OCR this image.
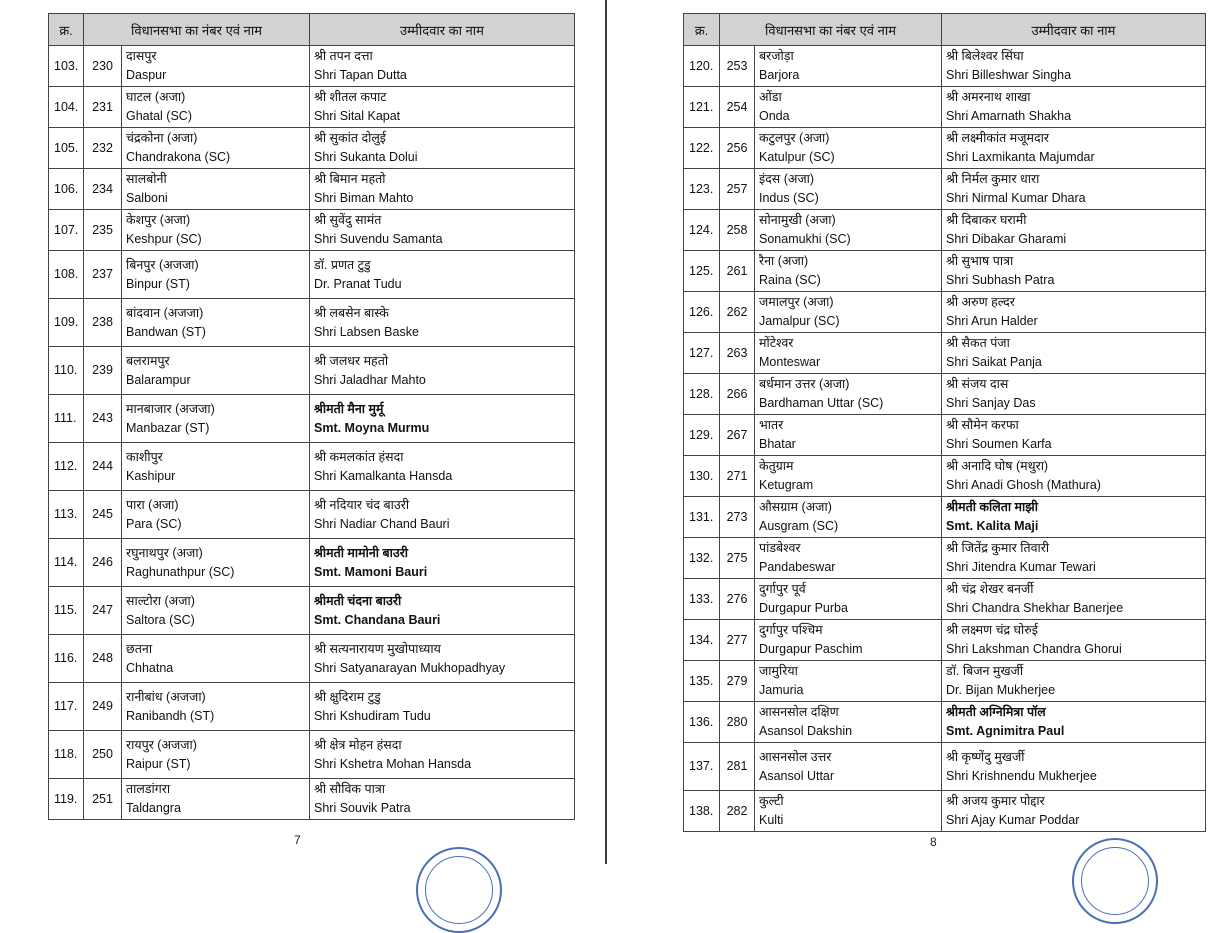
क्र.	विधानसभा का नंबर एवं नाम		उम्मीदवार का नाम

103.	230	दासपुर
Daspur	श्री तपन दत्ता
Shri Tapan Dutta

104.	231	घाटल (अजा)
Ghatal (SC)	श्री शीतल कपाट
Shri Sital Kapat

105.	232	चंद्रकोना (अजा)
Chandrakona (SC)	श्री सुकांत दोलुई
Shri Sukanta Dolui

106.	234	सालबोनी
Salboni	श्री बिमान महतो
Shri Biman Mahto

107.	235	केशपुर (अजा)
Keshpur (SC)	श्री सुवेंदु सामंत
Shri Suvendu Samanta

108.	237	बिनपुर (अजजा)
Binpur (ST)	डॉ. प्रणत टुडु
Dr. Pranat Tudu

109.	238	बांदवान (अजजा)
Bandwan (ST)	श्री लबसेन बास्के
Shri Labsen Baske

110.	239	बलरामपुर
Balarampur	श्री जलधर महतो
Shri Jaladhar Mahto

111.	243	मानबाजार (अजजा)
Manbazar (ST)	श्रीमती मैना मुर्मू
Smt. Moyna Murmu

112.	244	काशीपुर
Kashipur	श्री कमलकांत हंसदा
Shri Kamalkanta Hansda

113.	245	पारा (अजा)
Para (SC)	श्री नदियार चंद बाउरी
Shri Nadiar Chand Bauri

114.	246	रघुनाथपुर (अजा)
Raghunathpur (SC)	श्रीमती मामोनी बाउरी
Smt. Mamoni Bauri

115.	247	साल्टोरा (अजा)
Saltora (SC)	श्रीमती चंदना बाउरी
Smt. Chandana Bauri

116.	248	छतना
Chhatna	श्री सत्यनारायण मुखोपाध्याय
Shri Satyanarayan Mukhopadhyay

117.	249	रानीबांध (अजजा)
Ranibandh (ST)	श्री क्षुदिराम टुडु
Shri Kshudiram Tudu

118.	250	रायपुर (अजजा)
Raipur (ST)	श्री क्षेत्र मोहन हंसदा
Shri Kshetra Mohan Hansda

119.	251	तालडांगरा
Taldangra	श्री सौविक पात्रा
Shri Souvik Patra
7
क्र.	विधानसभा का नंबर एवं नाम		उम्मीदवार का नाम

120.	253	बरजोड़ा
Barjora	श्री बिलेश्वर सिंघा
Shri Billeshwar Singha

121.	254	ओंडा
Onda	श्री अमरनाथ शाखा
Shri Amarnath Shakha

122.	256	कटुलपुर (अजा)
Katulpur (SC)	श्री लक्ष्मीकांत मजूमदार
Shri Laxmikanta Majumdar

123.	257	इंदस (अजा)
Indus (SC)	श्री निर्मल कुमार धारा
Shri Nirmal Kumar Dhara

124.	258	सोनामुखी (अजा)
Sonamukhi (SC)	श्री दिबाकर घरामी
Shri Dibakar Gharami

125.	261	रैना (अजा)
Raina (SC)	श्री सुभाष पात्रा
Shri Subhash Patra

126.	262	जमालपुर (अजा)
Jamalpur (SC)	श्री अरुण हल्दर
Shri Arun Halder

127.	263	मोंटेश्वर
Monteswar	श्री सैकत पंजा
Shri Saikat Panja

128.	266	बर्धमान उत्तर (अजा)
Bardhaman Uttar (SC)	श्री संजय दास
Shri Sanjay Das

129.	267	भातर
Bhatar	श्री सौमेन करफा
Shri Soumen Karfa

130.	271	केतुग्राम
Ketugram	श्री अनादि घोष (मथुरा)
Shri Anadi Ghosh (Mathura)

131.	273	औसग्राम (अजा)
Ausgram (SC)	श्रीमती कलिता माझी
Smt. Kalita Maji

132.	275	पांडबेश्वर
Pandabeswar	श्री जितेंद्र कुमार तिवारी
Shri Jitendra Kumar Tewari

133.	276	दुर्गापुर पूर्व
Durgapur Purba	श्री चंद्र शेखर बनर्जी
Shri Chandra Shekhar Banerjee

134.	277	दुर्गापुर पश्चिम
Durgapur Paschim	श्री लक्ष्मण चंद्र घोरुई
Shri Lakshman Chandra Ghorui

135.	279	जामुरिया
Jamuria	डॉ. बिजन मुखर्जी
Dr. Bijan Mukherjee

136.	280	आसनसोल दक्षिण
Asansol Dakshin	श्रीमती अग्निमित्रा पॉल
Smt. Agnimitra Paul

137.	281	आसनसोल उत्तर
Asansol Uttar	श्री कृष्णेंदु मुखर्जी
Shri Krishnendu Mukherjee

138.	282	कुल्टी
Kulti	श्री अजय कुमार पोद्दार
Shri Ajay Kumar Poddar
8
